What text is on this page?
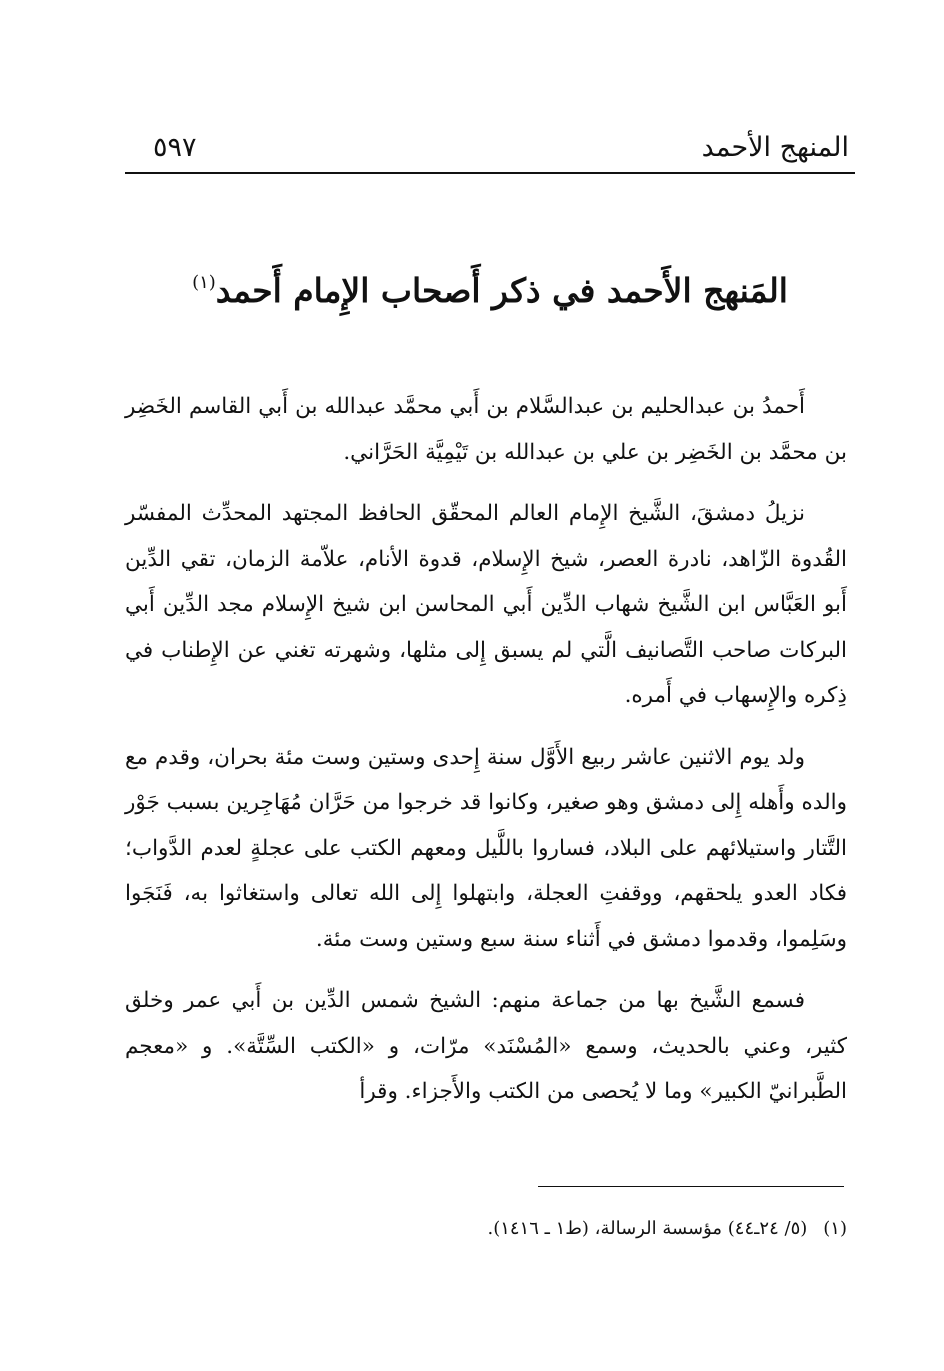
المنهج الأحمد
٥٩٧
المَنهج الأَحمد في ذكر أَصحاب الإِمام أَحمد$^{(١)}$

أَحمدُ بن عبدالحليم بن عبدالسَّلام بن أَبي محمَّد عبدالله بن أَبي القاسم الخَضِر بن محمَّد بن الخَضِر بن علي بن عبدالله بن تَيْمِيَّة الحَرَّاني.

نزيلُ دمشقَ، الشَّيخ الإِمام العالم المحقّق الحافظ المجتهد المحدِّث المفسّر القُدوة الزّاهد، نادرة العصر، شيخ الإِسلام، قدوة الأنام، علاّمة الزمان، تقي الدِّين أَبو العَبَّاس ابن الشَّيخ شهاب الدِّين أَبي المحاسن ابن شيخ الإِسلام مجد الدِّين أَبي البركات صاحب التَّصانيف الَّتي لم يسبق إِلى مثلها، وشهرته تغني عن الإِطناب في ذِكره والإِسهاب في أَمره.

ولد يوم الاثنين عاشر ربيع الأَوَّل سنة إِحدى وستين وست مئة بحران، وقدم مع والده وأَهله إِلى دمشق وهو صغير، وكانوا قد خرجوا من حَرَّان مُهَاجِرين بسبب جَوْر التَّتار واستيلائهم على البلاد، فساروا باللَّيل ومعهم الكتب على عجلةٍ لعدم الدَّواب؛ فكاد العدو يلحقهم، ووقفتِ العجلة، وابتهلوا إِلى الله تعالى واستغاثوا به، فَنَجَوا وسَلِموا، وقدموا دمشق في أَثناء سنة سبع وستين وست مئة.

فسمع الشَّيخ بها من جماعة منهم: الشيخ شمس الدِّين بن أَبي عمر وخلق كثير، وعني بالحديث، وسمع «المُسْنَد» مرّات، و «الكتب السِّتَّة». و «معجم الطَّبرانيّ الكبير» وما لا يُحصى من الكتب والأَجزاء. وقرأ

(١)(٥/ ٢٤ـ٤٤) مؤسسة الرسالة، (ط١ ـ ١٤١٦).
